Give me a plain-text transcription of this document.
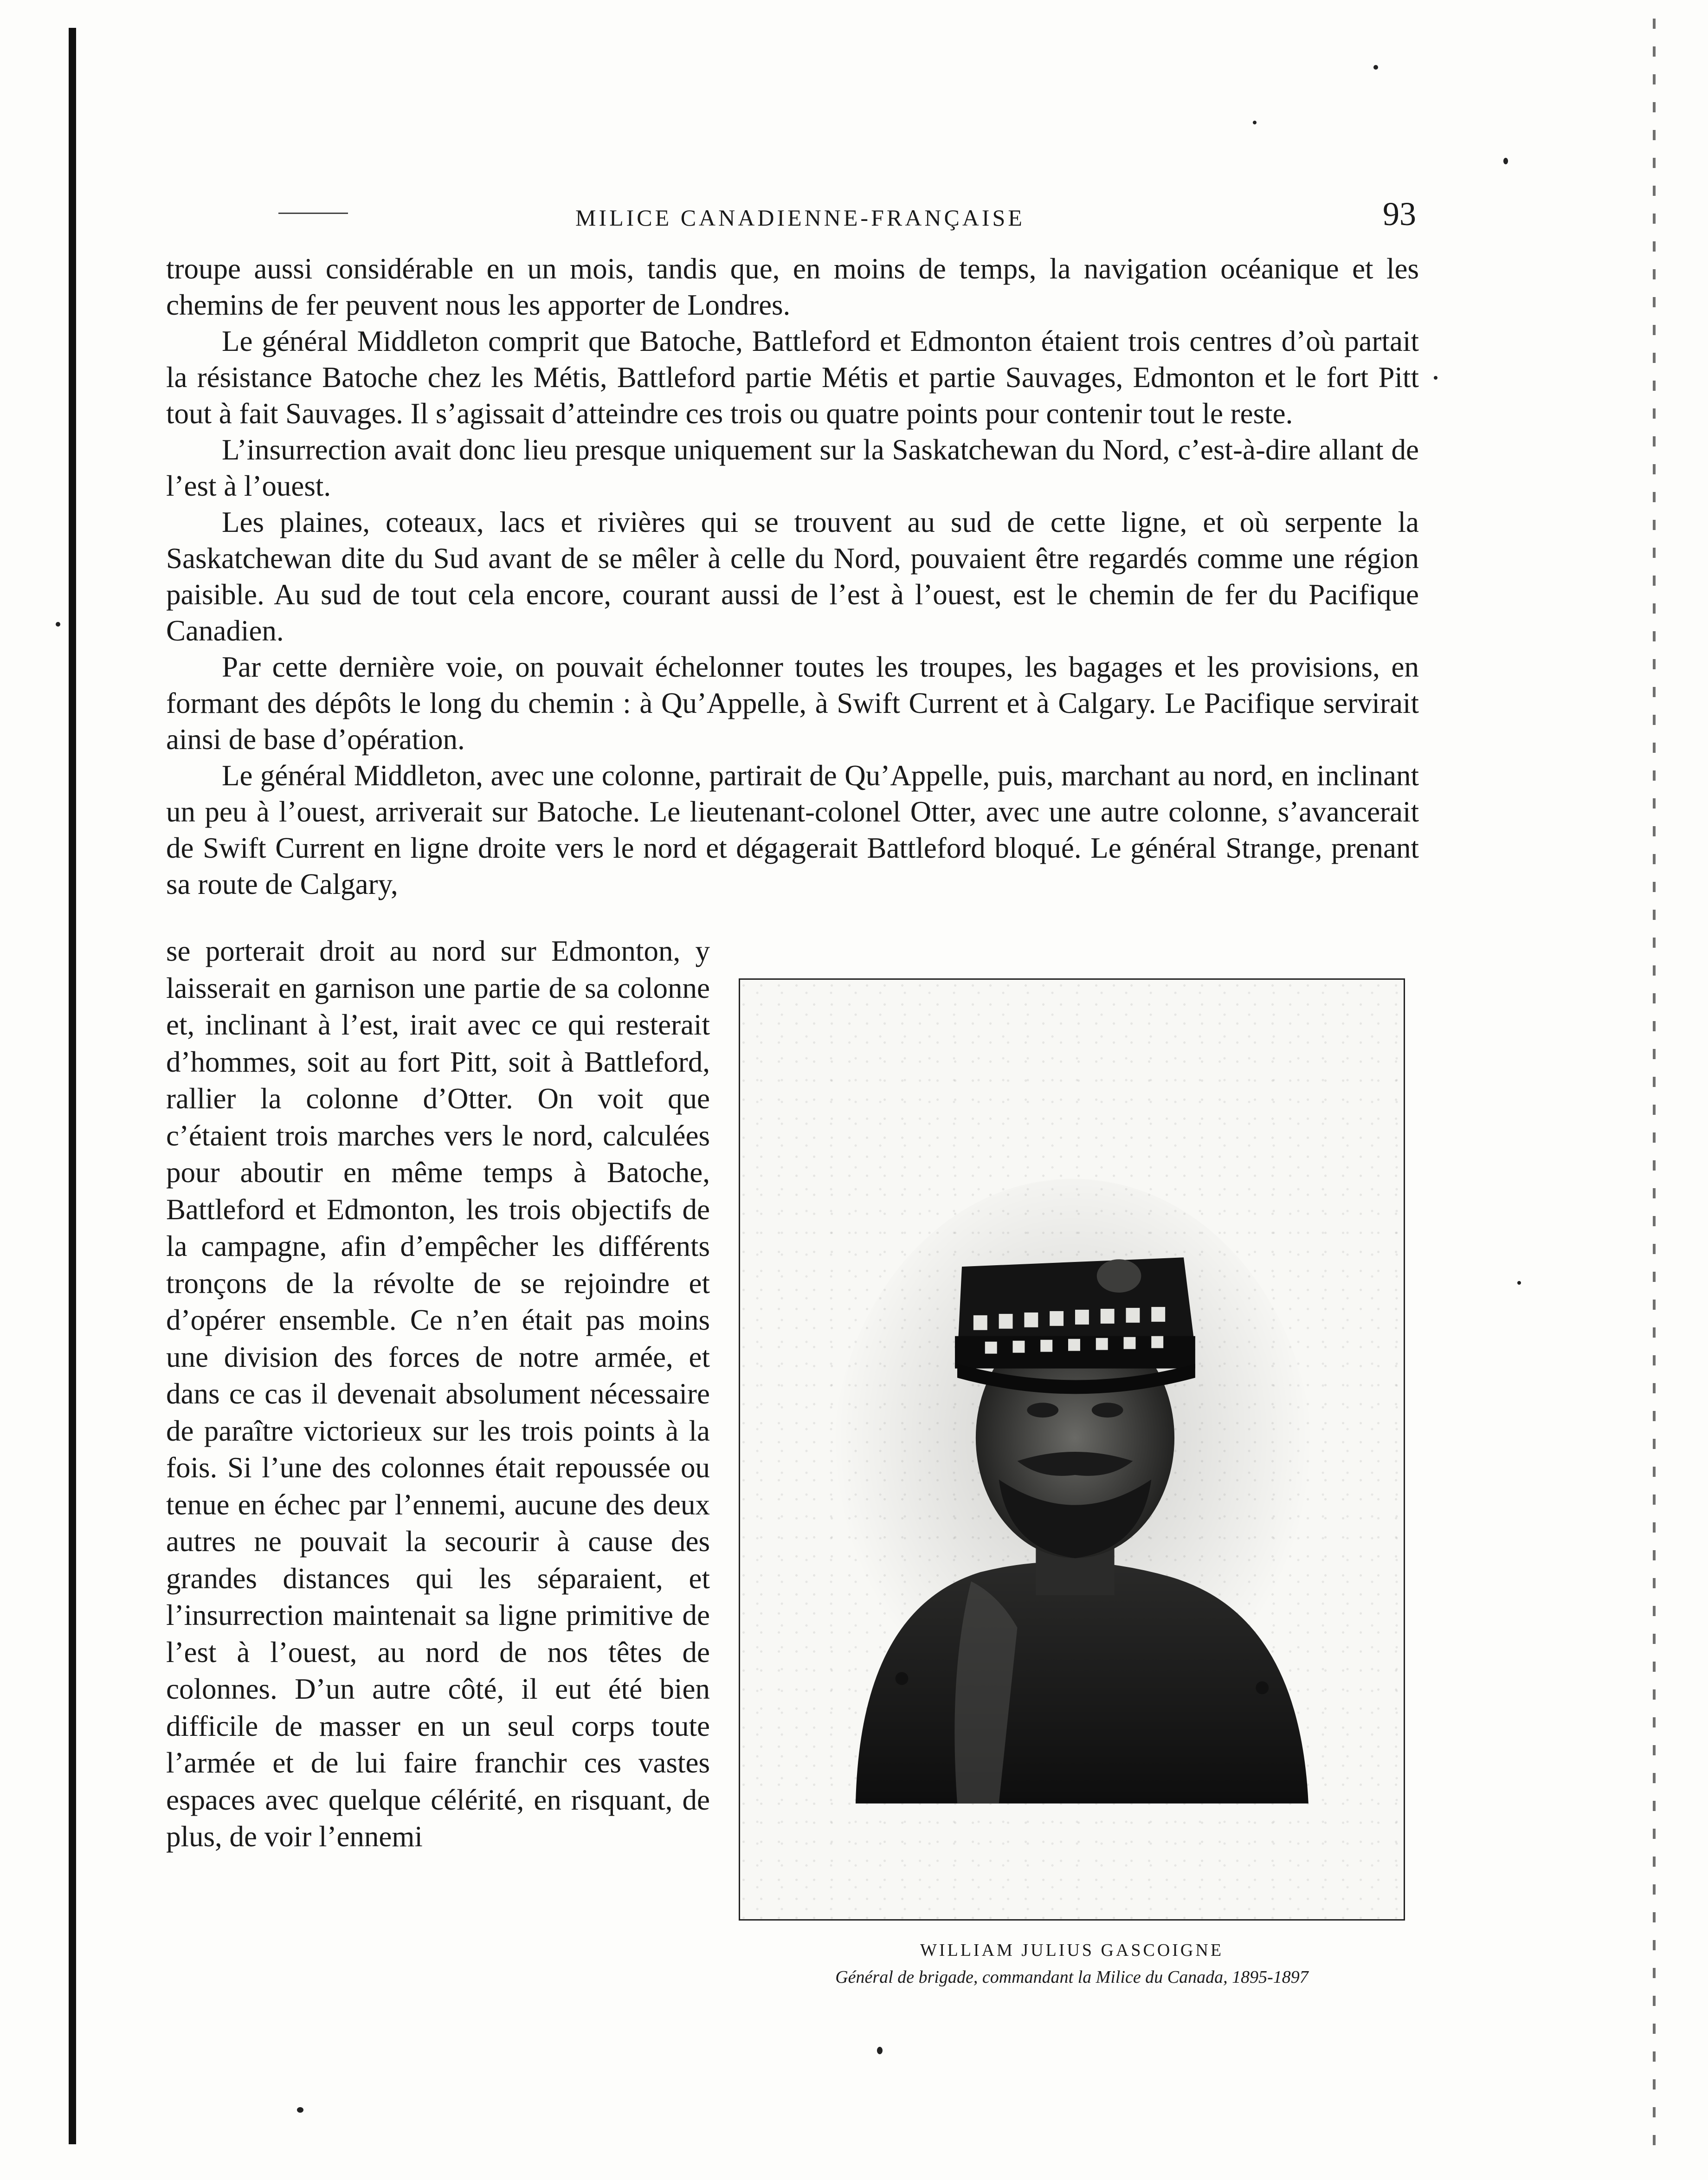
MILICE CANADIENNE-FRANÇAISE	93

troupe aussi considérable en un mois, tandis que, en moins de temps, la navigation océanique et les chemins de fer peuvent nous les apporter de Londres.

Le général Middleton comprit que Batoche, Battleford et Edmonton étaient trois centres d’où partait la résistance Batoche chez les Métis, Battleford partie Métis et partie Sauvages, Edmonton et le fort Pitt tout à fait Sauvages. Il s’agissait d’atteindre ces trois ou quatre points pour contenir tout le reste.

L’insurrection avait donc lieu presque uniquement sur la Saskatchewan du Nord, c’est-à-dire allant de l’est à l’ouest.

Les plaines, coteaux, lacs et rivières qui se trouvent au sud de cette ligne, et où serpente la Saskatchewan dite du Sud avant de se mêler à celle du Nord, pouvaient être regardés comme une région paisible. Au sud de tout cela encore, courant aussi de l’est à l’ouest, est le chemin de fer du Pacifique Canadien.

Par cette dernière voie, on pouvait échelonner toutes les troupes, les bagages et les provisions, en formant des dépôts le long du chemin : à Qu’Appelle, à Swift Current et à Calgary. Le Pacifique servirait ainsi de base d’opération.

Le général Middleton, avec une colonne, partirait de Qu’Appelle, puis, marchant au nord, en inclinant un peu à l’ouest, arriverait sur Batoche. Le lieutenant-colonel Otter, avec une autre colonne, s’avancerait de Swift Current en ligne droite vers le nord et dégagerait Battleford bloqué. Le général Strange, prenant sa route de Calgary,

se porterait droit au nord sur Edmonton, y laisserait en garnison une partie de sa colonne et, inclinant à l’est, irait avec ce qui resterait d’hommes, soit au fort Pitt, soit à Battleford, rallier la colonne d’Otter. On voit que c’étaient trois marches vers le nord, calculées pour aboutir en même temps à Batoche, Battleford et Edmonton, les trois objectifs de la campagne, afin d’empêcher les différents tronçons de la révolte de se rejoindre et d’opérer ensemble. Ce n’en était pas moins une division des forces de notre armée, et dans ce cas il devenait absolument nécessaire de paraître victorieux sur les trois points à la fois. Si l’une des colonnes était repoussée ou tenue en échec par l’ennemi, aucune des deux autres ne pouvait la secourir à cause des grandes distances qui les séparaient, et l’insurrection maintenait sa ligne primitive de l’est à l’ouest, au nord de nos têtes de colonnes. D’un autre côté, il eut été bien difficile de masser en un seul corps toute l’armée et de lui faire franchir ces vastes espaces avec quelque célérité, en risquant, de plus, de voir l’ennemi

WILLIAM JULIUS GASCOIGNE
Général de brigade, commandant la Milice du Canada, 1895-1897
